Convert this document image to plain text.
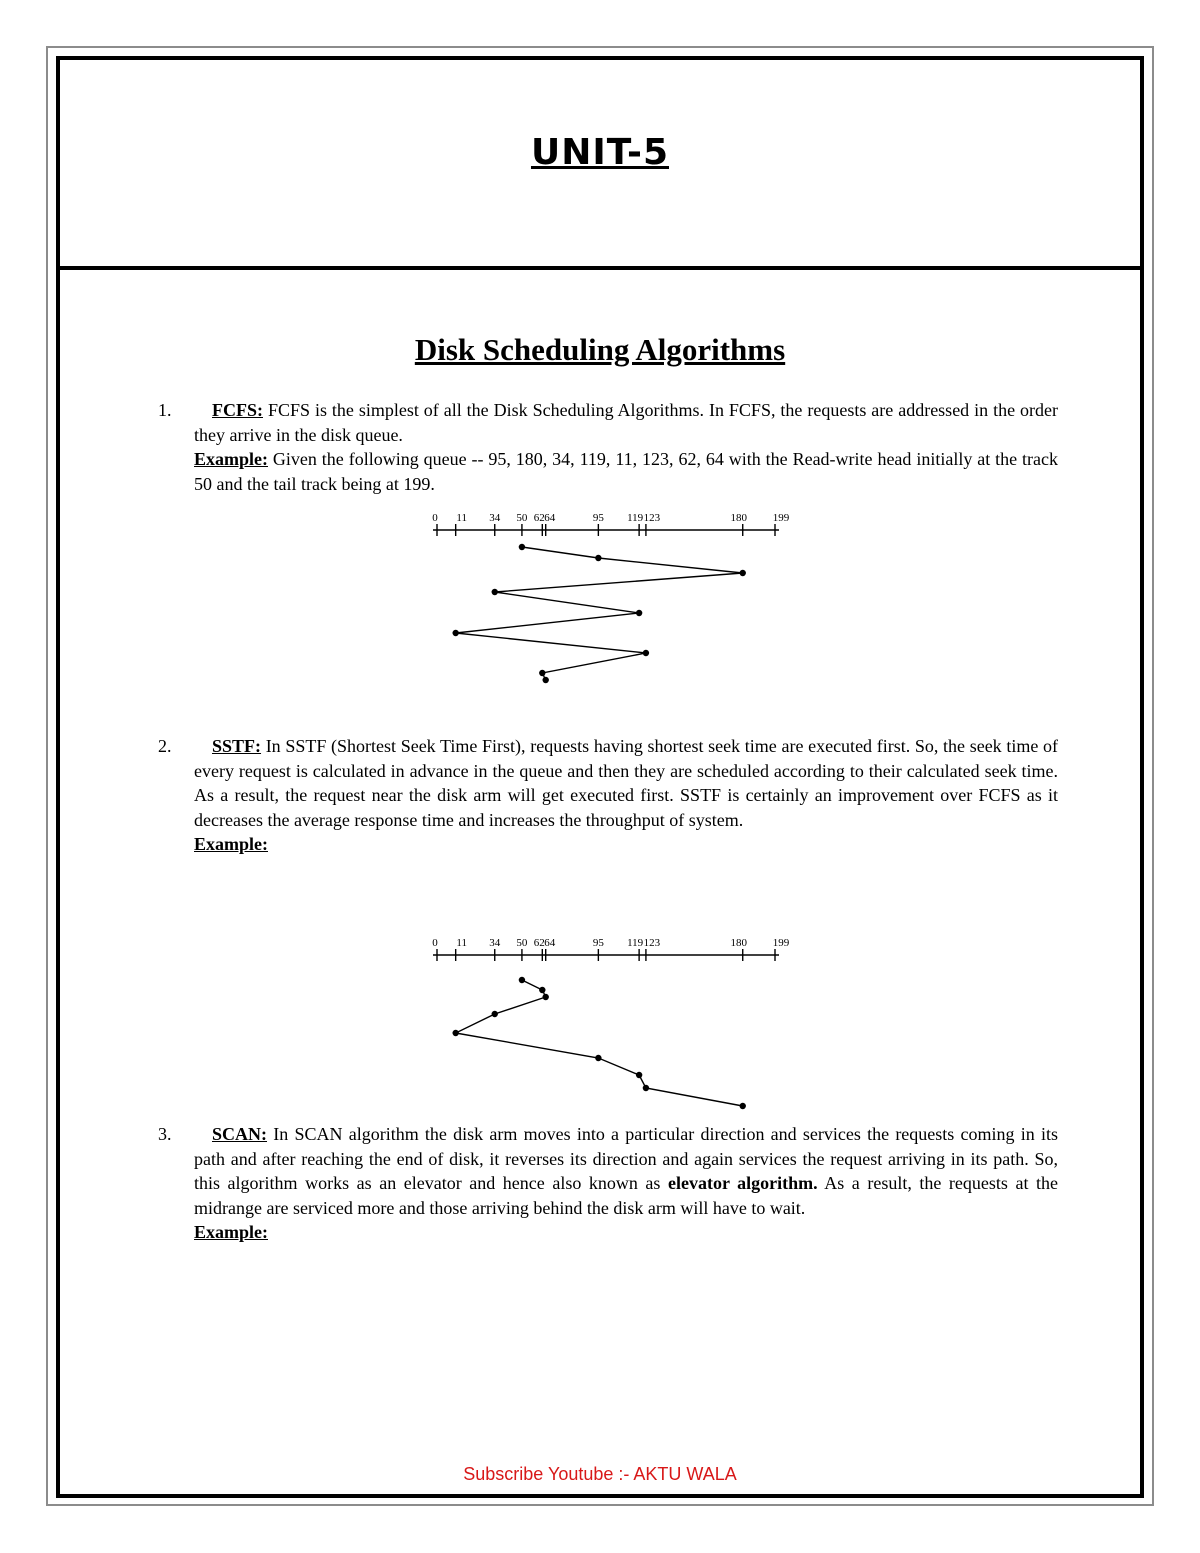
UNIT-5
Disk Scheduling Algorithms
1. FCFS: FCFS is the simplest of all the Disk Scheduling Algorithms. In FCFS, the requests are addressed in the order they arrive in the disk queue.
Example: Given the following queue -- 95, 180, 34, 119, 11, 123, 62, 64 with the Read-write head initially at the track 50 and the tail track being at 199.
0 11 34 50 62 64	95 119 123	180 199
2. SSTF: In SSTF (Shortest Seek Time First), requests having shortest seek time are executed first. So, the seek time of every request is calculated in advance in the queue and then they are scheduled according to their calculated seek time. As a result, the request near the disk arm will get executed first. SSTF is certainly an improvement over FCFS as it decreases the average response time and increases the throughput of system.
Example:
0 11 34 50 62 64	95 119 123	180 199
3. SCAN: In SCAN algorithm the disk arm moves into a particular direction and services the requests coming in its path and after reaching the end of disk, it reverses its direction and again services the request arriving in its path. So, this algorithm works as an elevator and hence also known as elevator algorithm. As a result, the requests at the midrange are serviced more and those arriving behind the disk arm will have to wait.
Example:
Subscribe Youtube :- AKTU WALA
